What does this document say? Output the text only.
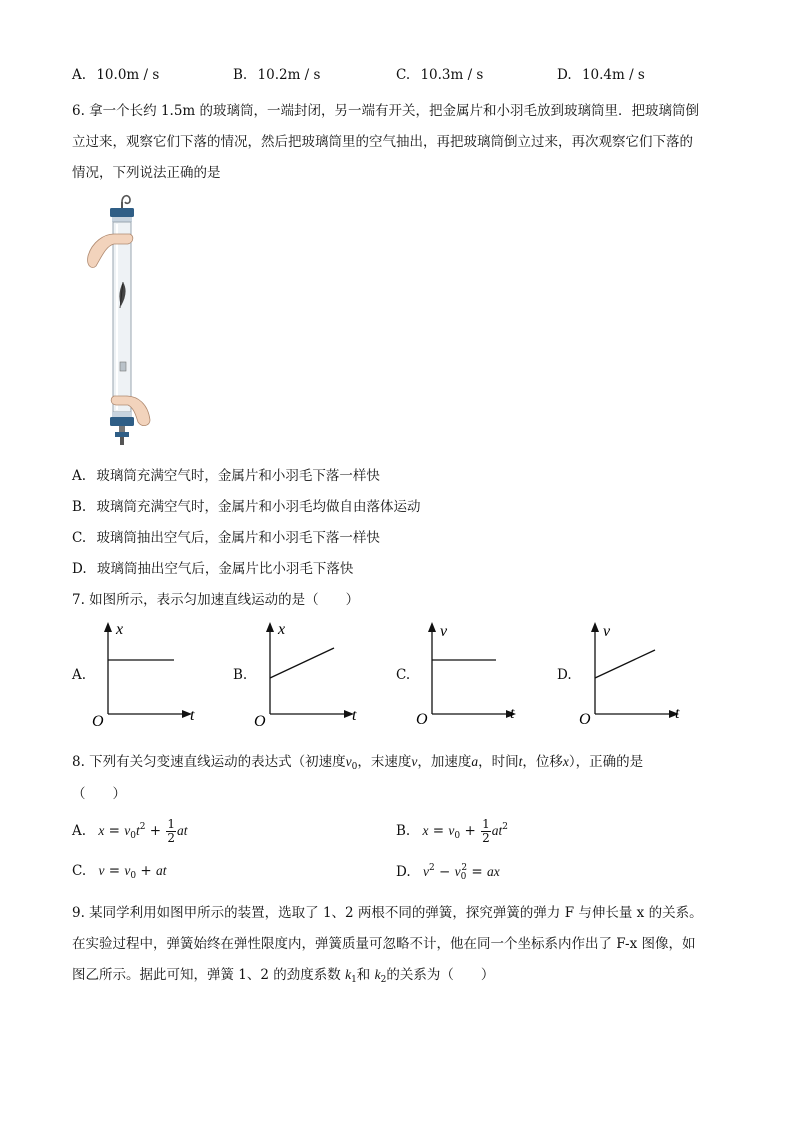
A. 10.0m / s	B. 10.2m / s	C. 10.3m / s	D. 10.4m / s
6. 拿一个长约 1.5m 的玻璃筒，一端封闭，另一端有开关，把金属片和小羽毛放到玻璃筒里．把玻璃筒倒
立过来，观察它们下落的情况，然后把玻璃筒里的空气抽出，再把玻璃筒倒立过来，再次观察它们下落的
情况，下列说法正确的是
A. 玻璃筒充满空气时，金属片和小羽毛下落一样快
B. 玻璃筒充满空气时，金属片和小羽毛均做自由落体运动
C. 玻璃筒抽出空气后，金属片和小羽毛下落一样快
D. 玻璃筒抽出空气后，金属片比小羽毛下落快
7. 如图所示，表示匀加速直线运动的是（　　）
A.
x
t
O
B.
x
t
O
C.
v
t
O
D.
v
t
O
8. 下列有关匀变速直线运动的表达式（初速度$v_0$，末速度v，加速度a，时间t，位移x），正确的是
（　　）
A. $x = v_0t^2 + \frac{1}{2}$ at	B. $x = v_0 + \frac{1}{2} at^2$
C. $v = v_0$ + at	D. $v^2 - v_0^2$ = ax
9. 某同学利用如图甲所示的装置，选取了 1、2 两根不同的弹簧，探究弹簧的弹力 F 与伸长量 x 的关系。
在实验过程中，弹簧始终在弹性限度内，弹簧质量可忽略不计，他在同一个坐标系内作出了 F-x 图像，如
图乙所示。据此可知，弹簧 1、2 的劲度系数 $k_1$和 $k_2$的关系为（　　）
